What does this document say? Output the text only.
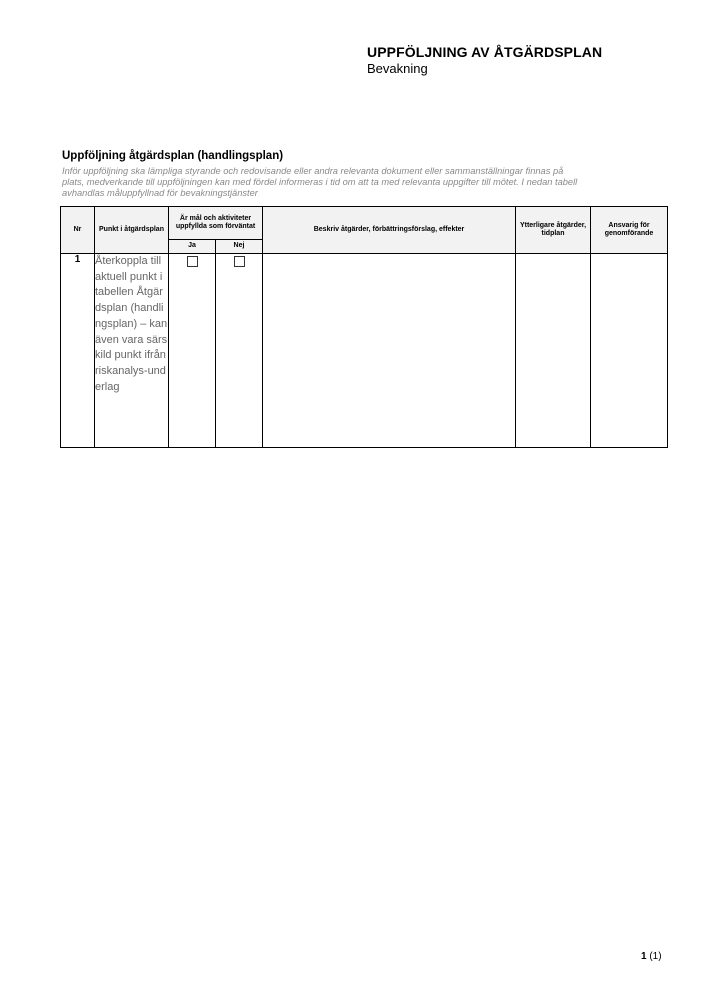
UPPFÖLJNING AV ÅTGÄRDSPLAN
Bevakning
Uppföljning åtgärdsplan (handlingsplan)
Inför uppföljning ska lämpliga styrande och redovisande eller andra relevanta dokument eller sammanställningar finnas på
plats, medverkande till uppföljningen kan med fördel informeras i tid om att ta med relevanta uppgifter till mötet. I nedan tabell
avhandlas måluppfyllnad för bevakningstjänster
Nr	Punkt i åtgärdsplan	Är mål och aktiviteter uppfyllda som förväntat		Beskriv åtgärder, förbättringsförslag, effekter	Ytterligare åtgärder, tidplan	Ansvarig för genomförande
		Ja	Nej			
1	Återkoppla till aktuell punkt i tabellen Åtgärdsplan (handlingsplan) – kan även vara särskild punkt ifrån riskanalys-underlag					
1 (1)
